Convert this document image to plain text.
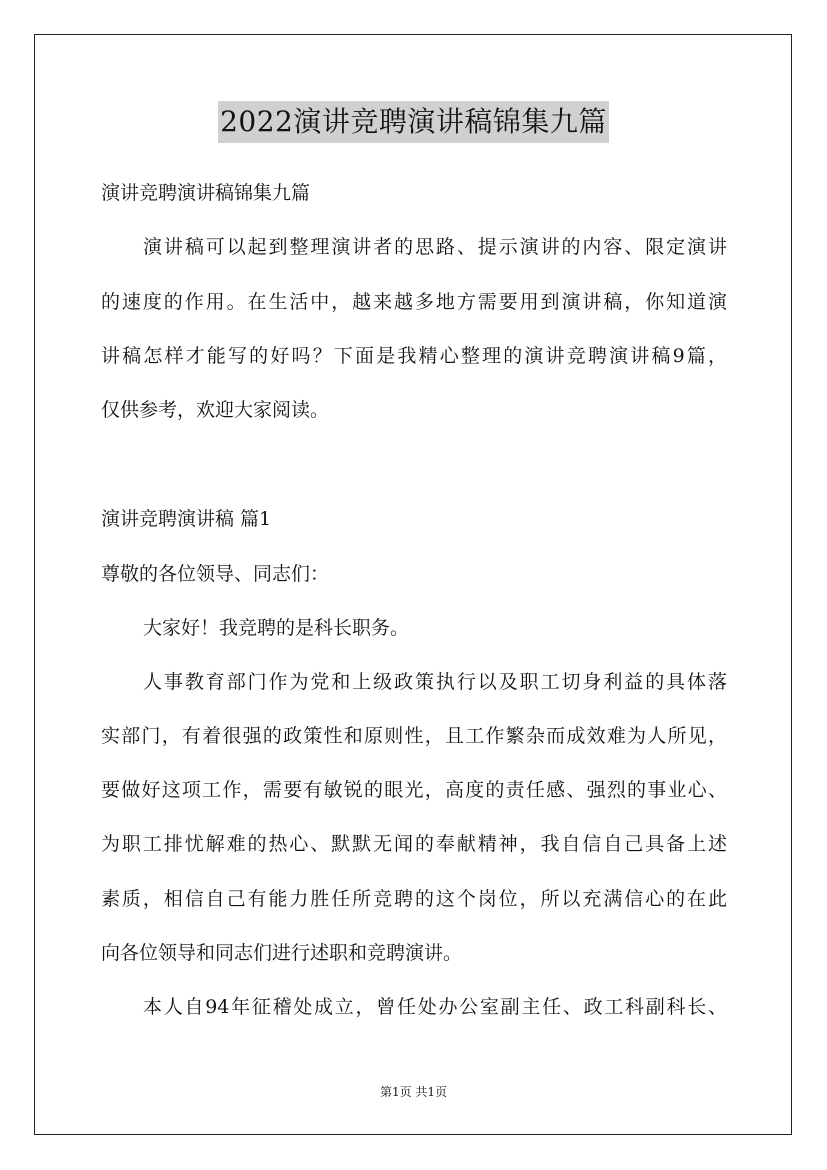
2022演讲竞聘演讲稿锦集九篇
演讲竞聘演讲稿锦集九篇
演讲稿可以起到整理演讲者的思路、提示演讲的内容、限定演讲
的速度的作用。在生活中，越来越多地方需要用到演讲稿，你知道演
讲稿怎样才能写的好吗？下面是我精心整理的演讲竞聘演讲稿9篇，
仅供参考，欢迎大家阅读。
演讲竞聘演讲稿 篇1
尊敬的各位领导、同志们：
大家好！我竞聘的是科长职务。
人事教育部门作为党和上级政策执行以及职工切身利益的具体落
实部门，有着很强的政策性和原则性，且工作繁杂而成效难为人所见，
要做好这项工作，需要有敏锐的眼光，高度的责任感、强烈的事业心、
为职工排忧解难的热心、默默无闻的奉献精神，我自信自己具备上述
素质，相信自己有能力胜任所竞聘的这个岗位，所以充满信心的在此
向各位领导和同志们进行述职和竞聘演讲。
本人自94年征稽处成立，曾任处办公室副主任、政工科副科长、
第1页 共1页
